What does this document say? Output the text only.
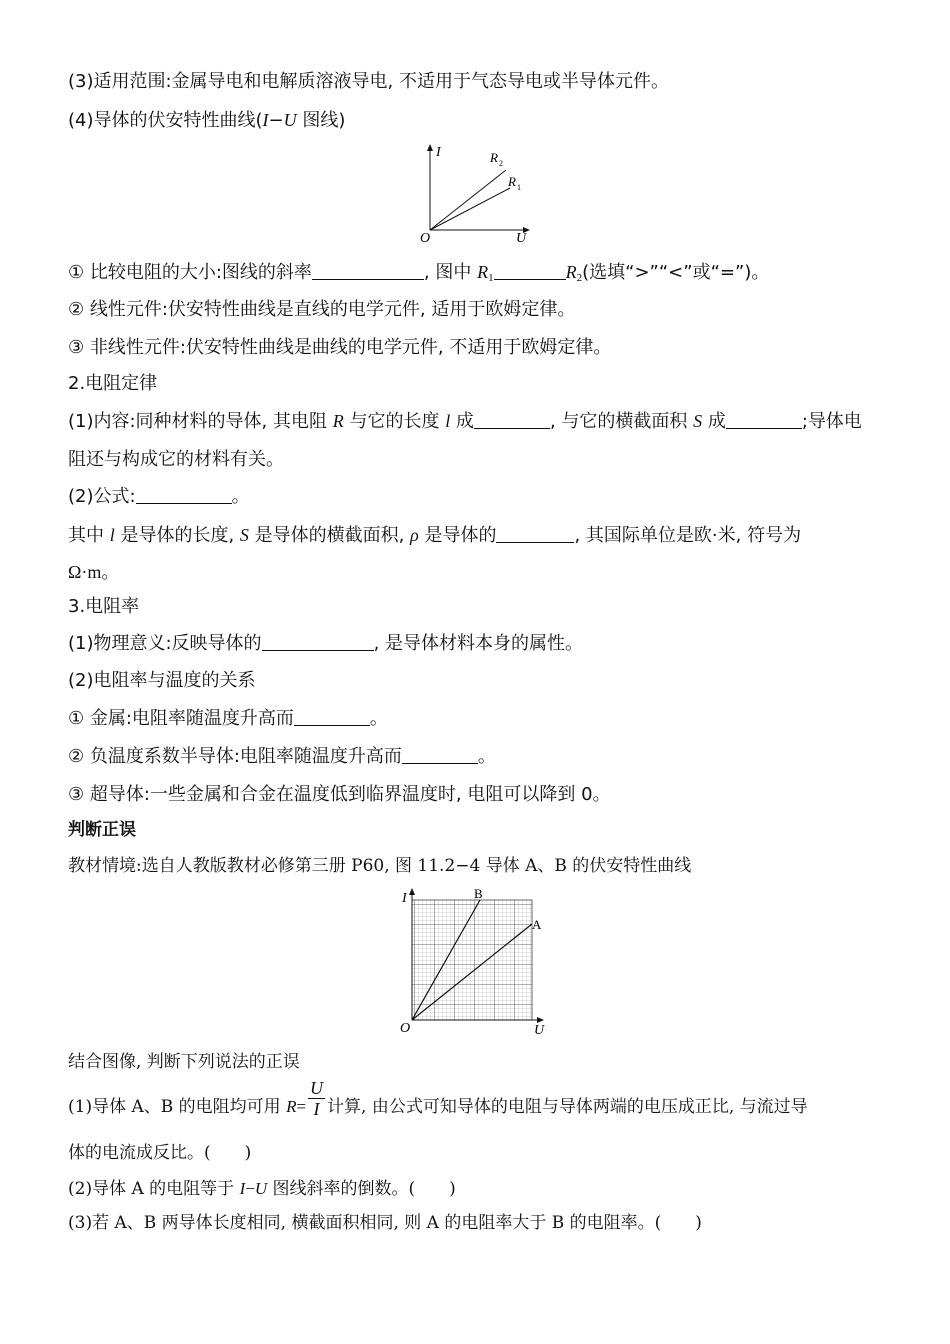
(3)适用范围:金属导电和电解质溶液导电, 不适用于气态导电或半导体元件。
(4)导体的伏安特性曲线(I−U 图线)
I
U
O
R 2
R 1
① 比较电阻的大小:图线的斜率	, 图中 $R_1$	$R_2$(选填“>”“<”或“=”)。
② 线性元件:伏安特性曲线是直线的电学元件, 适用于欧姆定律。
③ 非线性元件:伏安特性曲线是曲线的电学元件, 不适用于欧姆定律。
2.电阻定律
(1)内容:同种材料的导体, 其电阻 R 与它的长度 l 成	, 与它的横截面积 S 成	;导体电
阻还与构成它的材料有关。
(2)公式:	。
其中 l 是导体的长度, S 是导体的横截面积, ρ 是导体的	, 其国际单位是欧·米, 符号为
Ω·m。
3.电阻率
(1)物理意义:反映导体的	, 是导体材料本身的属性。
(2)电阻率与温度的关系
① 金属:电阻率随温度升高而	。
② 负温度系数半导体:电阻率随温度升高而	。
③ 超导体:一些金属和合金在温度低到临界温度时, 电阻可以降到 0。
判断正误
教材情境:选自人教版教材必修第三册 P60, 图 11.2−4 导体 A、B 的伏安特性曲线
I
U
O
B
A
结合图像, 判断下列说法的正误
(1)导体 A、B 的电阻均可用 $R= \frac{U}{I}$ 计算, 由公式可知导体的电阻与导体两端的电压成正比, 与流过导
体的电流成反比。(　　)
(2)导体 A 的电阻等于 I−U 图线斜率的倒数。(　　)
(3)若 A、B 两导体长度相同, 横截面积相同, 则 A 的电阻率大于 B 的电阻率。(　　)
